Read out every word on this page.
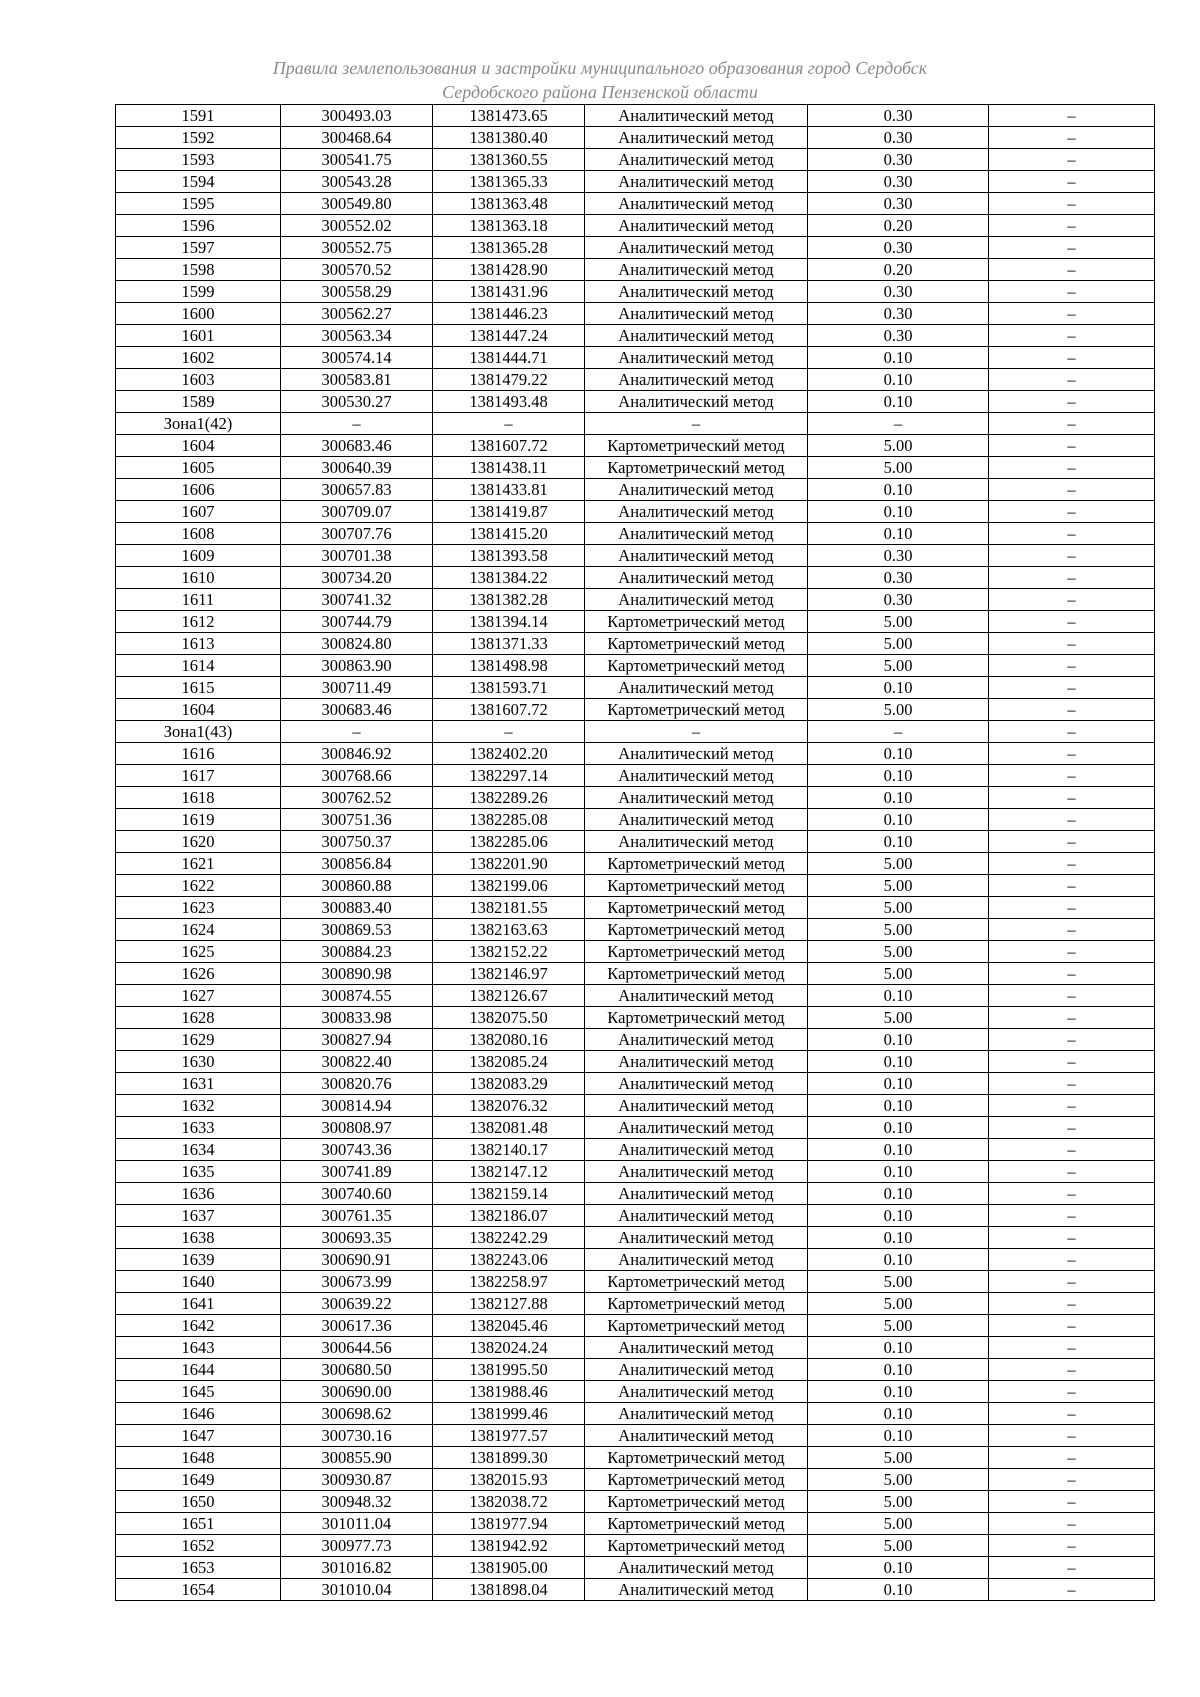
Правила землепользования и застройки муниципального образования город Сердобск
Сердобского района Пензенской области
1591	300493.03	1381473.65	Аналитический метод	0.30	–
1592	300468.64	1381380.40	Аналитический метод	0.30	–
1593	300541.75	1381360.55	Аналитический метод	0.30	–
1594	300543.28	1381365.33	Аналитический метод	0.30	–
1595	300549.80	1381363.48	Аналитический метод	0.30	–
1596	300552.02	1381363.18	Аналитический метод	0.20	–
1597	300552.75	1381365.28	Аналитический метод	0.30	–
1598	300570.52	1381428.90	Аналитический метод	0.20	–
1599	300558.29	1381431.96	Аналитический метод	0.30	–
1600	300562.27	1381446.23	Аналитический метод	0.30	–
1601	300563.34	1381447.24	Аналитический метод	0.30	–
1602	300574.14	1381444.71	Аналитический метод	0.10	–
1603	300583.81	1381479.22	Аналитический метод	0.10	–
1589	300530.27	1381493.48	Аналитический метод	0.10	–
Зона1(42)	–	–	–	–	–
1604	300683.46	1381607.72	Картометрический метод	5.00	–
1605	300640.39	1381438.11	Картометрический метод	5.00	–
1606	300657.83	1381433.81	Аналитический метод	0.10	–
1607	300709.07	1381419.87	Аналитический метод	0.10	–
1608	300707.76	1381415.20	Аналитический метод	0.10	–
1609	300701.38	1381393.58	Аналитический метод	0.30	–
1610	300734.20	1381384.22	Аналитический метод	0.30	–
1611	300741.32	1381382.28	Аналитический метод	0.30	–
1612	300744.79	1381394.14	Картометрический метод	5.00	–
1613	300824.80	1381371.33	Картометрический метод	5.00	–
1614	300863.90	1381498.98	Картометрический метод	5.00	–
1615	300711.49	1381593.71	Аналитический метод	0.10	–
1604	300683.46	1381607.72	Картометрический метод	5.00	–
Зона1(43)	–	–	–	–	–
1616	300846.92	1382402.20	Аналитический метод	0.10	–
1617	300768.66	1382297.14	Аналитический метод	0.10	–
1618	300762.52	1382289.26	Аналитический метод	0.10	–
1619	300751.36	1382285.08	Аналитический метод	0.10	–
1620	300750.37	1382285.06	Аналитический метод	0.10	–
1621	300856.84	1382201.90	Картометрический метод	5.00	–
1622	300860.88	1382199.06	Картометрический метод	5.00	–
1623	300883.40	1382181.55	Картометрический метод	5.00	–
1624	300869.53	1382163.63	Картометрический метод	5.00	–
1625	300884.23	1382152.22	Картометрический метод	5.00	–
1626	300890.98	1382146.97	Картометрический метод	5.00	–
1627	300874.55	1382126.67	Аналитический метод	0.10	–
1628	300833.98	1382075.50	Картометрический метод	5.00	–
1629	300827.94	1382080.16	Аналитический метод	0.10	–
1630	300822.40	1382085.24	Аналитический метод	0.10	–
1631	300820.76	1382083.29	Аналитический метод	0.10	–
1632	300814.94	1382076.32	Аналитический метод	0.10	–
1633	300808.97	1382081.48	Аналитический метод	0.10	–
1634	300743.36	1382140.17	Аналитический метод	0.10	–
1635	300741.89	1382147.12	Аналитический метод	0.10	–
1636	300740.60	1382159.14	Аналитический метод	0.10	–
1637	300761.35	1382186.07	Аналитический метод	0.10	–
1638	300693.35	1382242.29	Аналитический метод	0.10	–
1639	300690.91	1382243.06	Аналитический метод	0.10	–
1640	300673.99	1382258.97	Картометрический метод	5.00	–
1641	300639.22	1382127.88	Картометрический метод	5.00	–
1642	300617.36	1382045.46	Картометрический метод	5.00	–
1643	300644.56	1382024.24	Аналитический метод	0.10	–
1644	300680.50	1381995.50	Аналитический метод	0.10	–
1645	300690.00	1381988.46	Аналитический метод	0.10	–
1646	300698.62	1381999.46	Аналитический метод	0.10	–
1647	300730.16	1381977.57	Аналитический метод	0.10	–
1648	300855.90	1381899.30	Картометрический метод	5.00	–
1649	300930.87	1382015.93	Картометрический метод	5.00	–
1650	300948.32	1382038.72	Картометрический метод	5.00	–
1651	301011.04	1381977.94	Картометрический метод	5.00	–
1652	300977.73	1381942.92	Картометрический метод	5.00	–
1653	301016.82	1381905.00	Аналитический метод	0.10	–
1654	301010.04	1381898.04	Аналитический метод	0.10	–
